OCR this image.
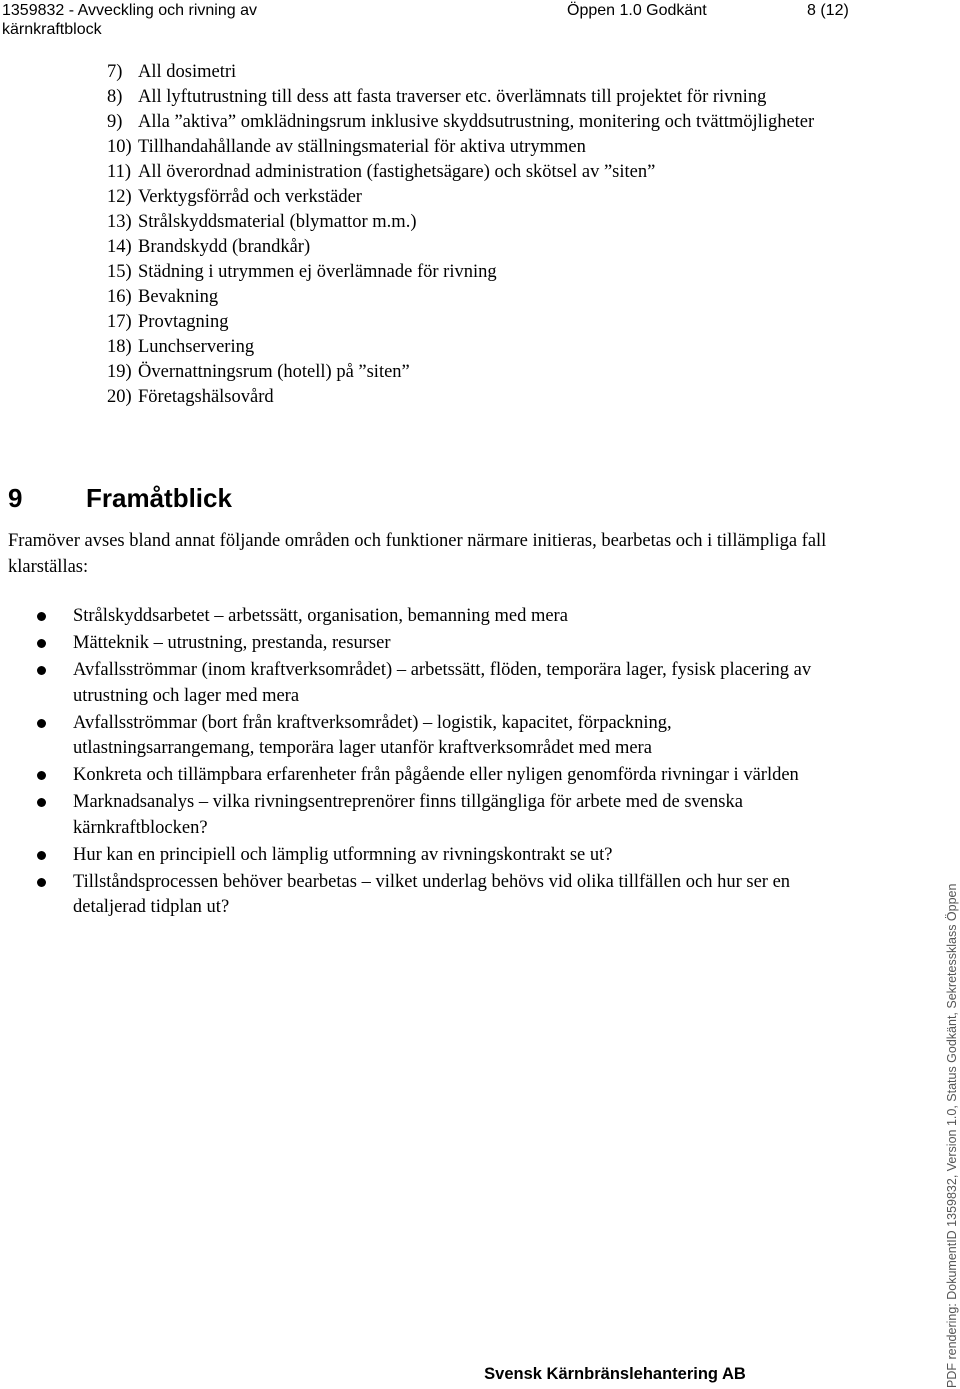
1359832 - Avveckling och rivning av kärnkraftblock
Öppen 1.0 Godkänt	8 (12)
7) All dosimetri
8) All lyftutrustning till dess att fasta traverser etc. överlämnats till projektet för rivning
9) Alla ”aktiva” omklädningsrum inklusive skyddsutrustning, monitering och tvättmöjligheter
10) Tillhandahållande av ställningsmaterial för aktiva utrymmen
11) All överordnad administration (fastighetsägare) och skötsel av ”siten”
12) Verktygsförråd och verkstäder
13) Strålskyddsmaterial (blymattor m.m.)
14) Brandskydd (brandkår)
15) Städning i utrymmen ej överlämnade för rivning
16) Bevakning
17) Provtagning
18) Lunchservering
19) Övernattningsrum (hotell) på ”siten”
20) Företagshälsovård
9 Framåtblick

Framöver avses bland annat följande områden och funktioner närmare initieras, bearbetas och i tillämpliga fall klarställas:

Strålskyddsarbetet – arbetssätt, organisation, bemanning med mera
Mätteknik – utrustning, prestanda, resurser
Avfallsströmmar (inom kraftverksområdet) – arbetssätt, flöden, temporära lager, fysisk placering av utrustning och lager med mera
Avfallsströmmar (bort från kraftverksområdet) – logistik, kapacitet, förpackning, utlastningsarrangemang, temporära lager utanför kraftverksområdet med mera
Konkreta och tillämpbara erfarenheter från pågående eller nyligen genomförda rivningar i världen
Marknadsanalys – vilka rivningsentreprenörer finns tillgängliga för arbete med de svenska kärnkraftblocken?
Hur kan en principiell och lämplig utformning av rivningskontrakt se ut?
Tillståndsprocessen behöver bearbetas – vilket underlag behövs vid olika tillfällen och hur ser en detaljerad tidplan ut?
Svensk Kärnbränslehantering AB	PDF rendering: DokumentID 1359832, Version 1.0, Status Godkänt, Sekretessklass Öppen
